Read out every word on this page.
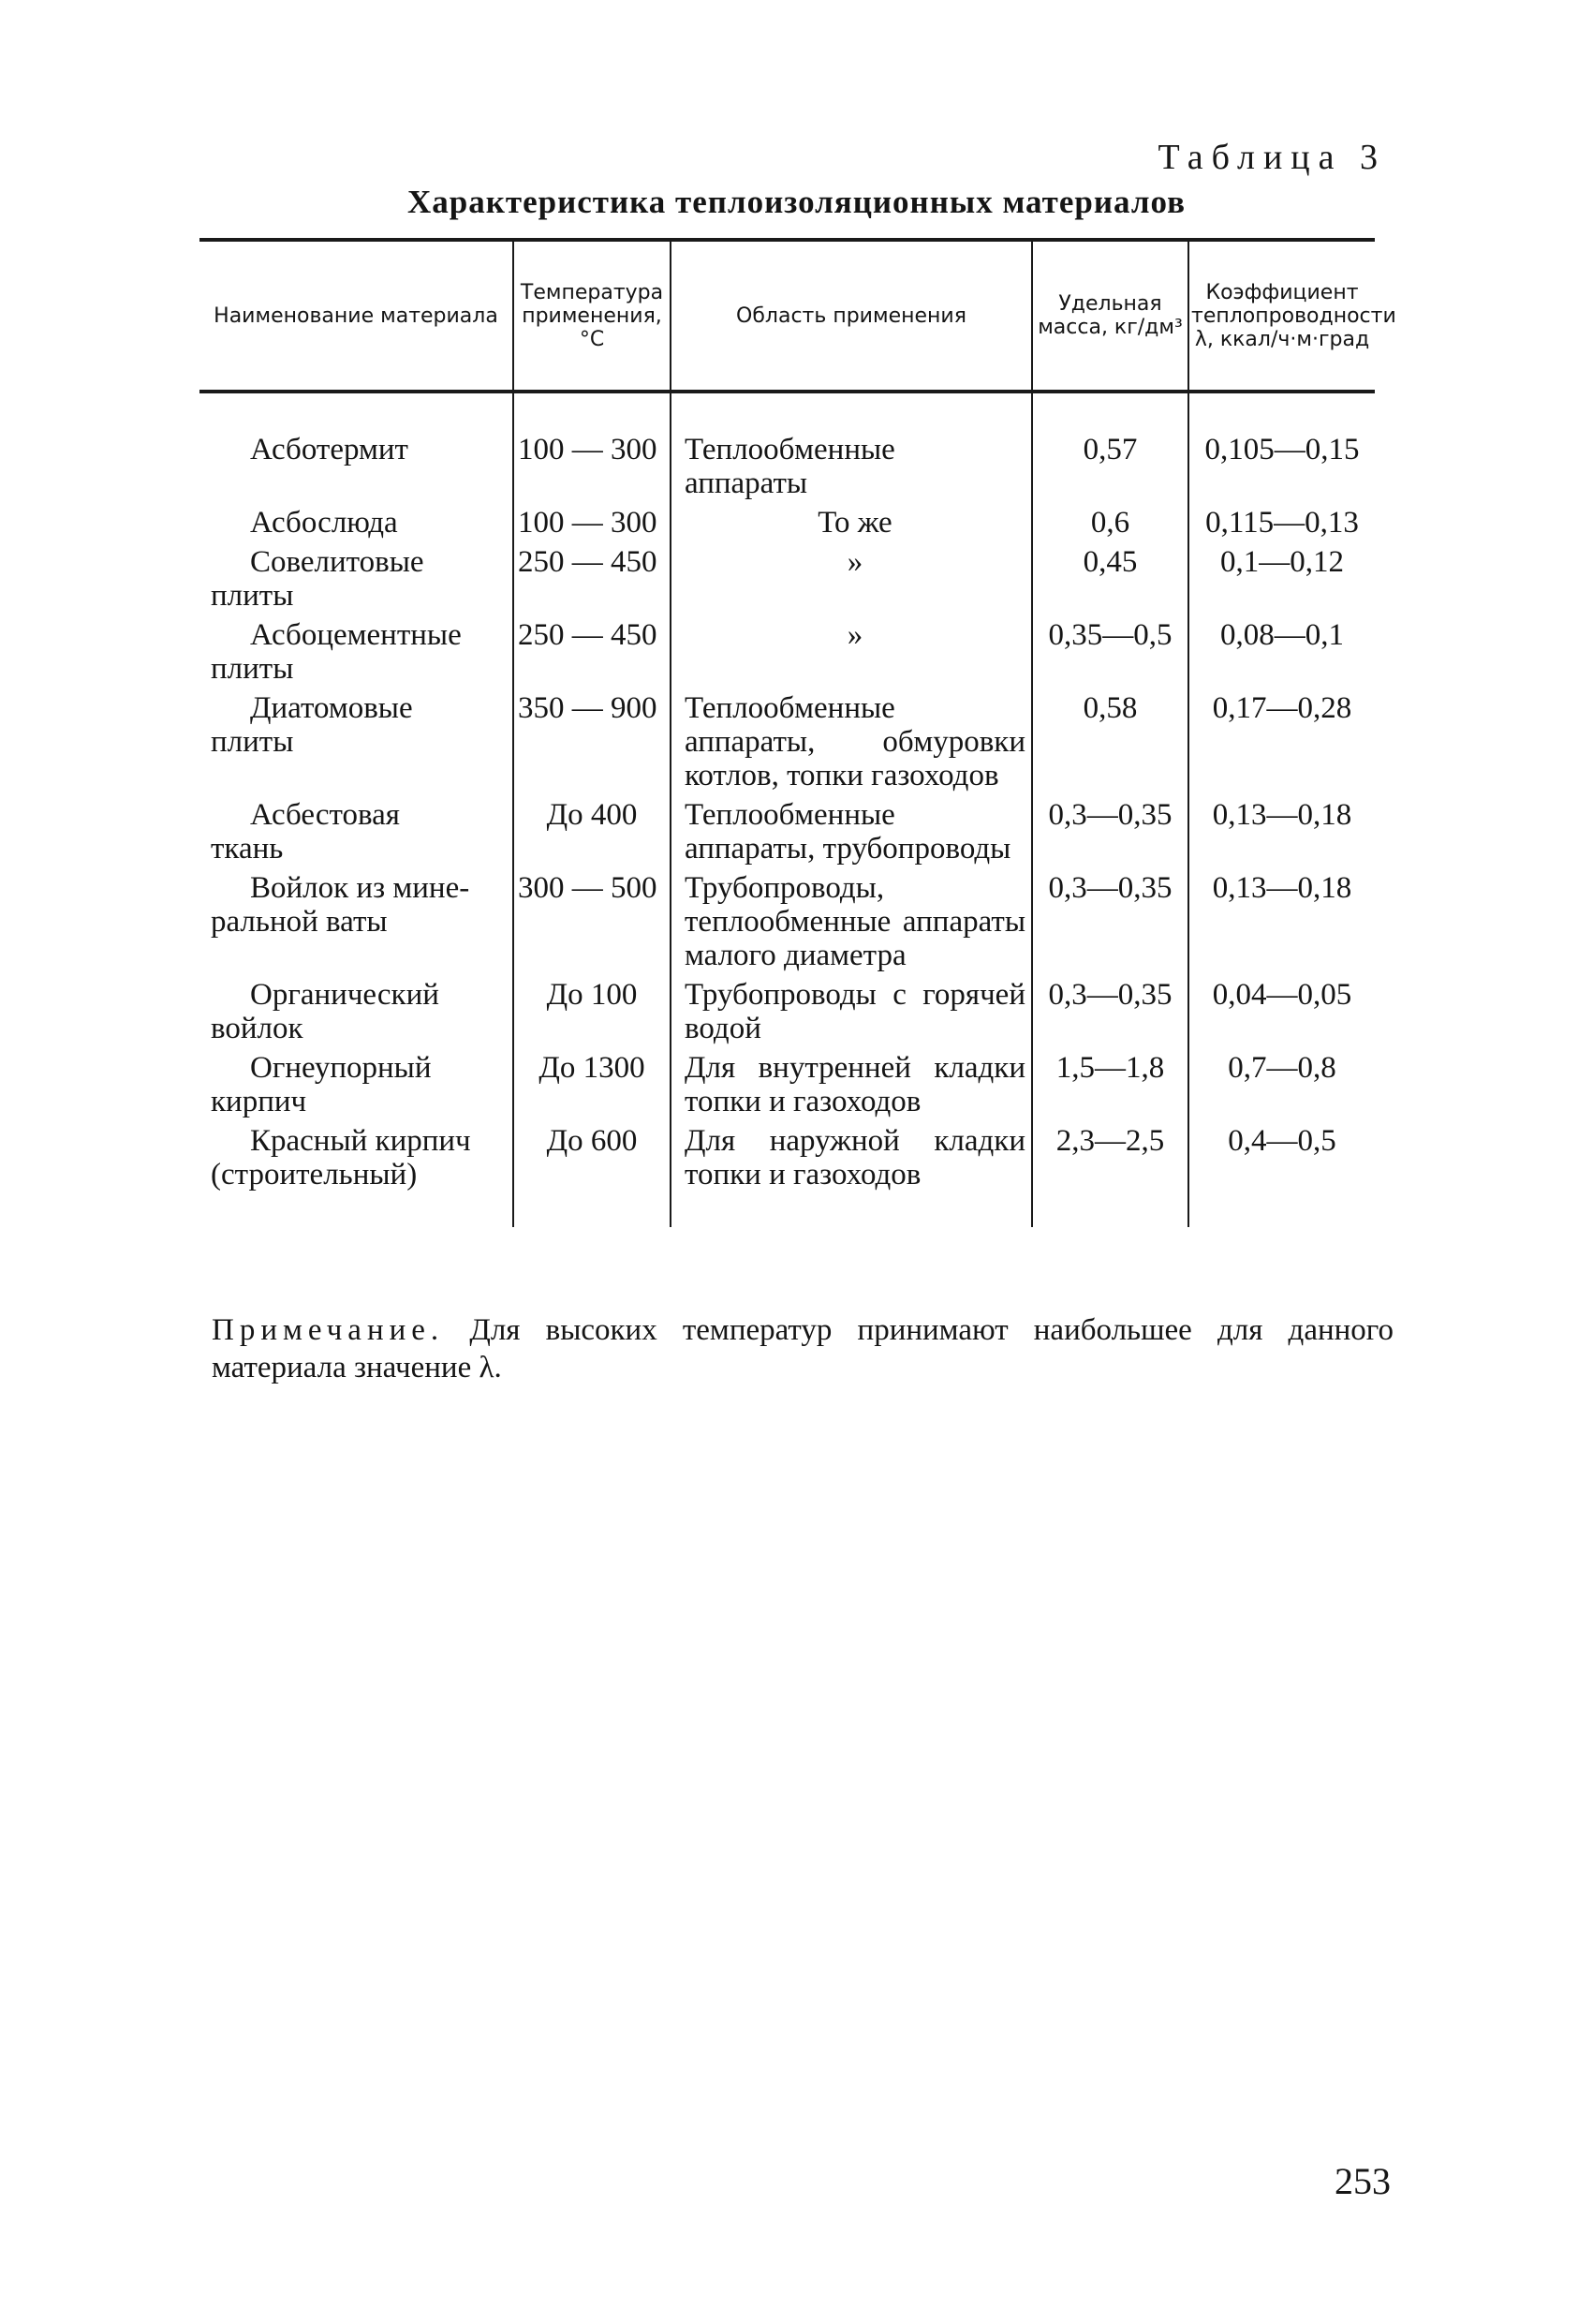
Таблица 3
Характеристика теплоизоляционных материалов
Наименование материала	Температура применения, °С	Область применения	Удельная масса, кг/дм³	Коэффициент теплопроводности λ, ккал/ч·м·град

Асботермит	100 — 300	Теплообменные аппараты	0,57	0,105—0,15

Асбослюда	100 — 300	То же	0,6	0,115—0,13

Совелитовые
плиты	250 — 450	»	0,45	0,1—0,12

Асбоцементные
плиты	250 — 450	»	0,35—0,5	0,08—0,1

Диатомовые
плиты	350 — 900	Теплообменные аппараты, обмуровки котлов, топки газоходов	0,58	0,17—0,28

Асбестовая
ткань	До 400	Теплообменные аппараты, трубопроводы	0,3—0,35	0,13—0,18

Войлок из мине-
ральной ваты	300 — 500	Трубопроводы, теплообменные аппараты малого диаметра	0,3—0,35	0,13—0,18

Органический
войлок	До 100	Трубопроводы с горячей водой	0,3—0,35	0,04—0,05

Огнеупорный
кирпич	До 1300	Для внутренней кладки топки и газоходов	1,5—1,8	0,7—0,8

Красный кирпич
(строительный)	До 600	Для наружной кладки топки и газоходов	2,3—2,5	0,4—0,5
Примечание. Для высоких температур принимают наибольшее для данного материала значение λ.
253
